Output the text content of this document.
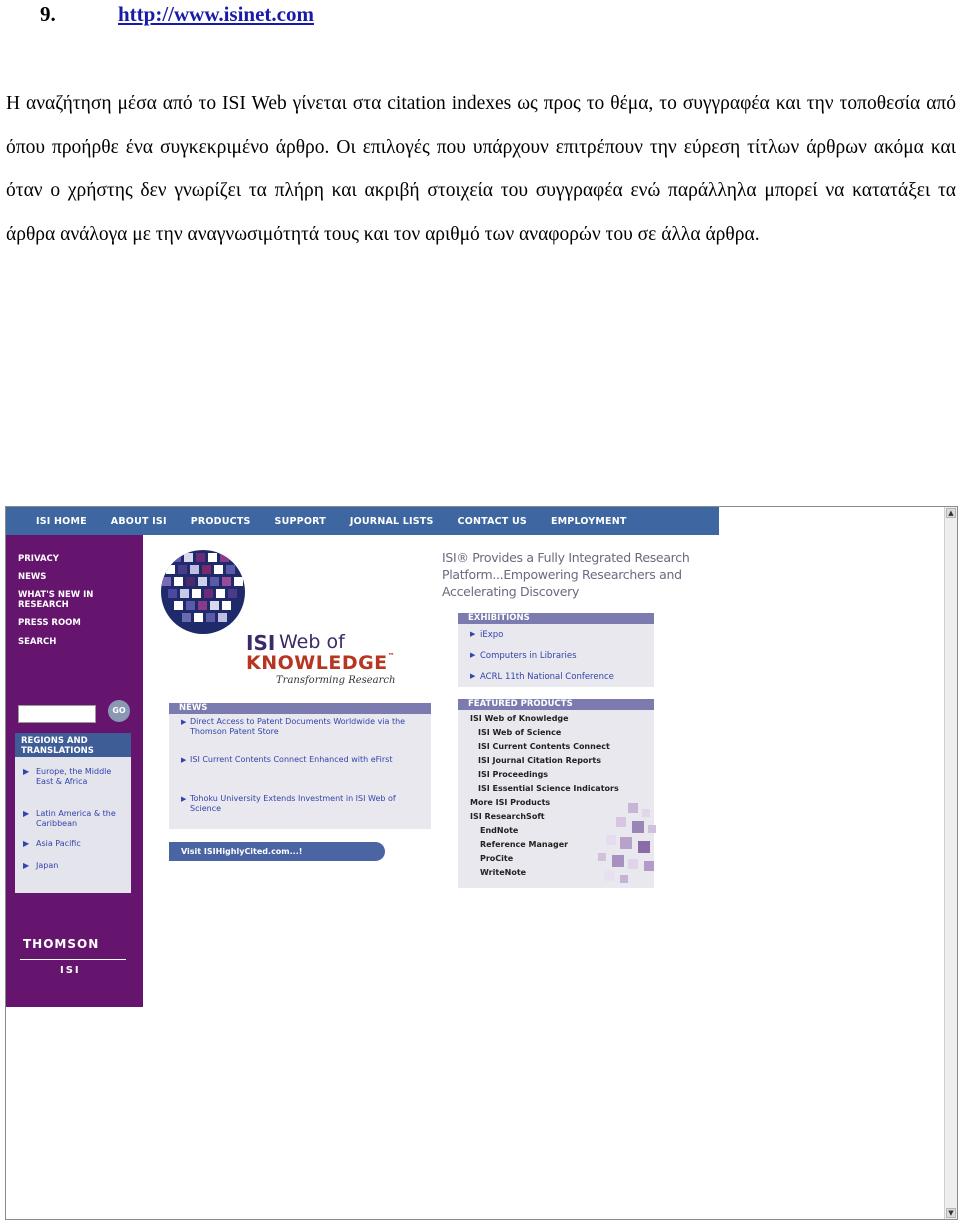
9.	http://www.isinet.com
Η αναζήτηση μέσα από το ISI Web γίνεται στα citation indexes ως προς το θέμα, το συγγραφέα και την τοποθεσία από όπου προήρθε ένα συγκεκριμένο άρθρο. Οι επιλογές που υπάρχουν επιτρέπουν την εύρεση τίτλων άρθρων ακόμα και όταν ο χρήστης δεν γνωρίζει τα πλήρη και ακριβή στοιχεία του συγγραφέα ενώ παράλληλα μπορεί να κατατάξει τα άρθρα ανάλογα με την αναγνωσιμότητά τους και τον αριθμό των αναφορών του σε άλλα άρθρα.
ISI HOME	ABOUT ISI	PRODUCTS	SUPPORT	JOURNAL LISTS	CONTACT US	EMPLOYMENT
▲
▼
PRIVACY
NEWS
WHAT'S NEW IN RESEARCH
PRESS ROOM
SEARCH
GO
REGIONS AND TRANSLATIONS
▶ Europe, the Middle East & Africa
▶ Latin America & the Caribbean
▶ Asia Pacific
▶ Japan
THOMSON
ISI
ISI Web of
KNOWLEDGE™
Transforming Research
ISI® Provides a Fully Integrated Research Platform...Empowering Researchers and Accelerating Discovery
NEWS
▶ Direct Access to Patent Documents Worldwide via the Thomson Patent Store
▶ ISI Current Contents Connect Enhanced with eFirst
▶ Tohoku University Extends Investment in ISI Web of Science
Visit ISIHighlyCited.com...!
EXHIBITIONS
▶ iExpo
▶ Computers in Libraries
▶ ACRL 11th National Conference
FEATURED PRODUCTS
ISI Web of Knowledge
ISI Web of Science
ISI Current Contents Connect
ISI Journal Citation Reports
ISI Proceedings
ISI Essential Science Indicators
More ISI Products
ISI ResearchSoft
EndNote
Reference Manager
ProCite
WriteNote
